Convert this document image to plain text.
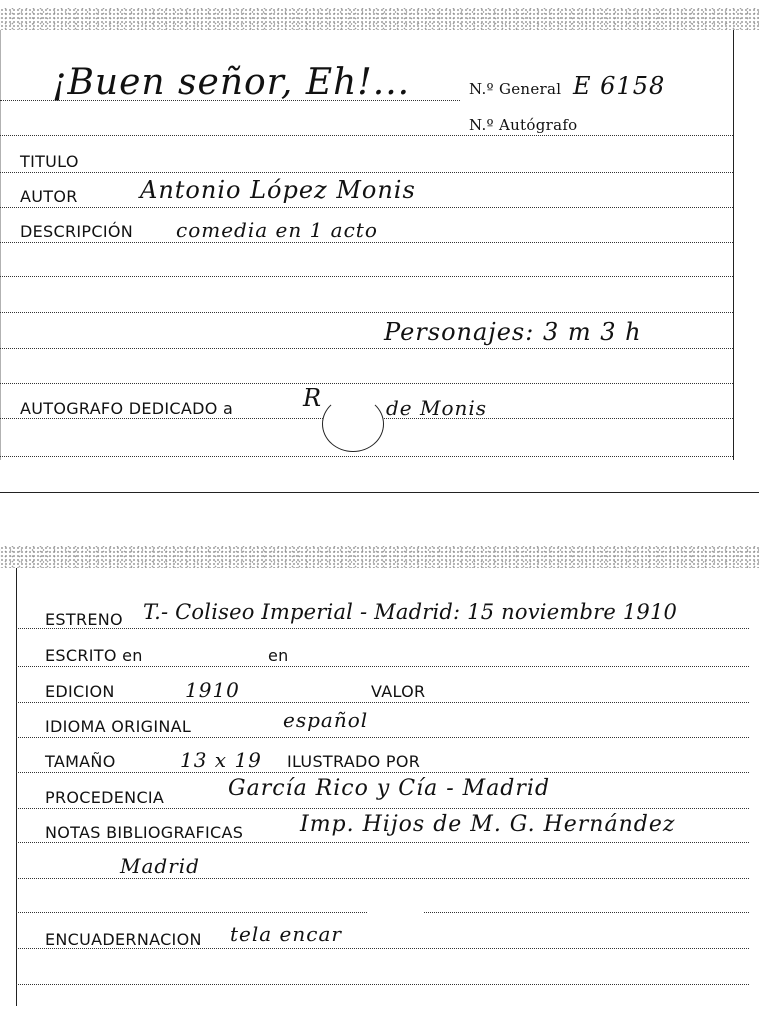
¡Buen señor, Eh!...	N.º General E 6158
N.º Autógrafo
TITULO
AUTOR	Antonio López Monis
DESCRIPCIÓN comedia en 1 acto
Personajes: 3 m 3 h
AUTOGRAFO DEDICADO a	R	de Monis
ESTRENO T.- Coliseo Imperial - Madrid: 15 noviembre 1910
ESCRITO en	en
EDICION	1910	VALOR
IDIOMA ORIGINAL	español
TAMAÑO	13 x 19 ILUSTRADO POR
PROCEDENCIA	García Rico y Cía - Madrid
NOTAS BIBLIOGRAFICAS	Imp. Hijos de M. G. Hernández
Madrid
ENCUADERNACION tela encar
